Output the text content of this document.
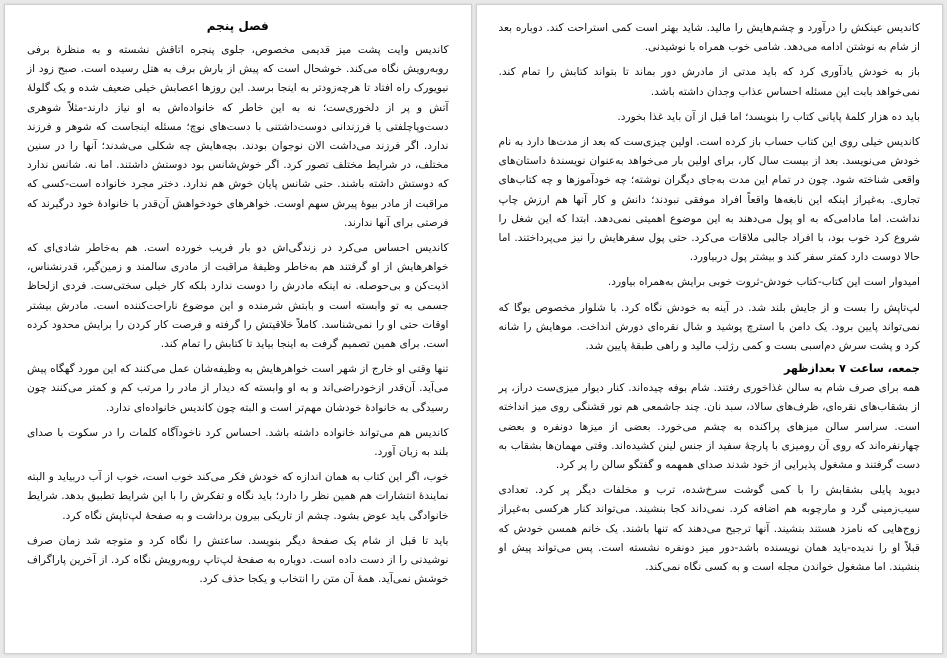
فصل پنجم

کاندیس وایت پشت میز قدیمی مخصوص، جلوی پنجره اتاقش نشسته و به منظرهٔ برفی روبه‌رویش نگاه می‌کند. خوشحال است که پیش از بارش برف به هتل رسیده است. صبح زود از نیویورک راه افتاد تا هرچه‌زودتر به اینجا برسد. این روزها اعصابش خیلی ضعیف شده و یک گلولهٔ آتش و پر از دلخوری‌ست؛ نه به این خاطر که خانواده‌اش به او نیاز دارند-مثلاً شوهری دست‌وپاچلفتی یا فرزندانی دوست‌داشتنی با دست‌های نوچ؛ مسئله اینجاست که شوهر و فرزند ندارد. اگر فرزند می‌داشت الان نوجوان بودند. بچه‌هایش چه شکلی می‌شدند؛ آنها را در سنین مختلف، در شرایط مختلف تصور کرد. اگر خوش‌شانس بود دوستش داشتند. اما نه. شانس ندارد که دوستش داشته باشند. حتی شانس پایان خوش هم ندارد. دختر مجرد خانواده است-کسی که مراقبت از مادر بیوهٔ پیرش سهم اوست. خواهرهای خودخواهش آن‌قدر با خانوادهٔ خود درگیرند که فرصتی برای آنها ندارند.

کاندیس احساس می‌کرد در زندگی‌اش دو بار فریب خورده است. هم به‌خاطر شادی‌ای که خواهرهایش از او گرفتند هم به‌خاطر وظیفهٔ مراقبت از مادری سالمند و زمین‌گیر، قدرنشناس، اذیت‌کن و بی‌حوصله. نه اینکه مادرش را دوست ندارد بلکه کار خیلی سختی‌ست. فردی ازلحاظ جسمی به تو وابسته است و بابتش شرمنده و این موضوع ناراحت‌کننده است. مادرش بیشتر اوقات حتی او را نمی‌شناسد. کاملاً خلاقیتش را گرفته و فرصت کار کردن را برایش محدود کرده است. برای همین تصمیم گرفت به اینجا بیاید تا کتابش را تمام کند.

تنها وقتی او خارج از شهر است خواهرهایش به وظیفه‌شان عمل می‌کنند که این مورد گهگاه پیش می‌آید. آن‌قدر ازخودراضی‌اند و به او وابسته که دیدار از مادر را مرتب کم و کمتر می‌کنند چون رسیدگی به خانوادهٔ خودشان مهم‌تر است و البته چون کاندیس خانواده‌ای ندارد.

کاندیس هم می‌تواند خانواده داشته باشد. احساس کرد ناخودآگاه کلمات را در سکوت با صدای بلند به زبان آورد.

خوب، اگر این کتاب به همان اندازه که خودش فکر می‌کند خوب است، خوب از آب دربیاید و البته نمایندهٔ انتشارات هم همین نظر را دارد؛ باید نگاه و تفکرش را با این شرایط تطبیق بدهد. شرایط خانوادگی باید عوض بشود. چشم از تاریکی بیرون برداشت و به صفحهٔ لپ‌تاپش نگاه کرد.

باید تا قبل از شام یک صفحهٔ دیگر بنویسد. ساعتش را نگاه کرد و متوجه شد زمان صرف نوشیدنی را از دست داده است. دوباره به صفحهٔ لپ‌تاپ روبه‌رویش نگاه کرد. از آخرین پاراگراف خوشش نمی‌آید. همهٔ آن متن را انتخاب و یکجا حذف کرد.

کاندیس عینکش را درآورد و چشم‌هایش را مالید. شاید بهتر است کمی استراحت کند. دوباره بعد از شام به نوشتن ادامه می‌دهد. شامی خوب همراه با نوشیدنی.

باز به خودش یادآوری کرد که باید مدتی از مادرش دور بماند تا بتواند کتابش را تمام کند. نمی‌خواهد بابت این مسئله احساس عذاب وجدان داشته باشد.

باید ده هزار کلمهٔ پایانی کتاب را بنویسد؛ اما قبل از آن باید غذا بخورد.

کاندیس خیلی روی این کتاب حساب باز کرده است. اولین چیزی‌ست که بعد از مدت‌ها دارد به نام خودش می‌نویسد. بعد از بیست سال کار، برای اولین بار می‌خواهد به‌عنوان نویسندهٔ داستان‌های واقعی شناخته شود. چون در تمام این مدت به‌جای دیگران نوشته؛ چه خودآموزها و چه کتاب‌های تجاری. به‌غیراز اینکه این نابغه‌ها واقعاً افراد موفقی نبودند؛ دانش و کار آنها هم ارزش چاپ نداشت. اما مادامی‌که به او پول می‌دهند به این موضوع اهمیتی نمی‌دهد. ابتدا که این شغل را شروع کرد خوب بود، با افراد جالبی ملاقات می‌کرد. حتی پول سفرهایش را نیز می‌پرداختند. اما حالا دوست دارد کمتر سفر کند و بیشتر پول دربیاورد.

امیدوار است این کتاب-کتاب خودش-ثروت خوبی برایش به‌همراه بیاورد.

لپ‌تاپش را بست و از جایش بلند شد. در آینه به خودش نگاه کرد. با شلوار مخصوص یوگا که نمی‌تواند پایین برود. یک دامن با استرچ پوشید و شال نقره‌ای دورش انداخت. موهایش را شانه کرد و پشت سرش دم‌اسبی بست و کمی رژلب مالید و راهی طبقهٔ پایین شد.

جمعه، ساعت ۷ بعدازظهر

همه برای صرف شام به سالن غذاخوری رفتند. شام بوفه چیده‌اند. کنار دیوار میزی‌ست دراز، پر از بشقاب‌های نقره‌ای، ظرف‌های سالاد، سبد نان. چند جاشمعی هم نور قشنگی روی میز انداخته است. سراسر سالن میزهای پراکنده به چشم می‌خورد. بعضی از میزها دونفره و بعضی چهارنفره‌اند که روی آن رومیزی با پارچهٔ سفید از جنس لینن کشیده‌اند. وقتی مهمان‌ها بشقاب به دست گرفتند و مشغول پذیرایی از خود شدند صدای همهمه و گفتگو سالن را پر کرد.

دیوید پایلی بشقابش را با کمی گوشت سرخ‌شده، ترب و مخلفات دیگر پر کرد. تعدادی سیب‌زمینی گرد و مارچوبه هم اضافه کرد. نمی‌داند کجا بنشیند. می‌تواند کنار هرکسی به‌غیراز زوج‌هایی که نامزد هستند بنشیند. آنها ترجیح می‌دهند که تنها باشند. یک خانم همسن خودش که قبلاً او را ندیده-باید همان نویسنده باشد-دور میز دونفره نشسته است. پس می‌تواند پیش او بنشیند. اما مشغول خواندن مجله است و به کسی نگاه نمی‌کند.
